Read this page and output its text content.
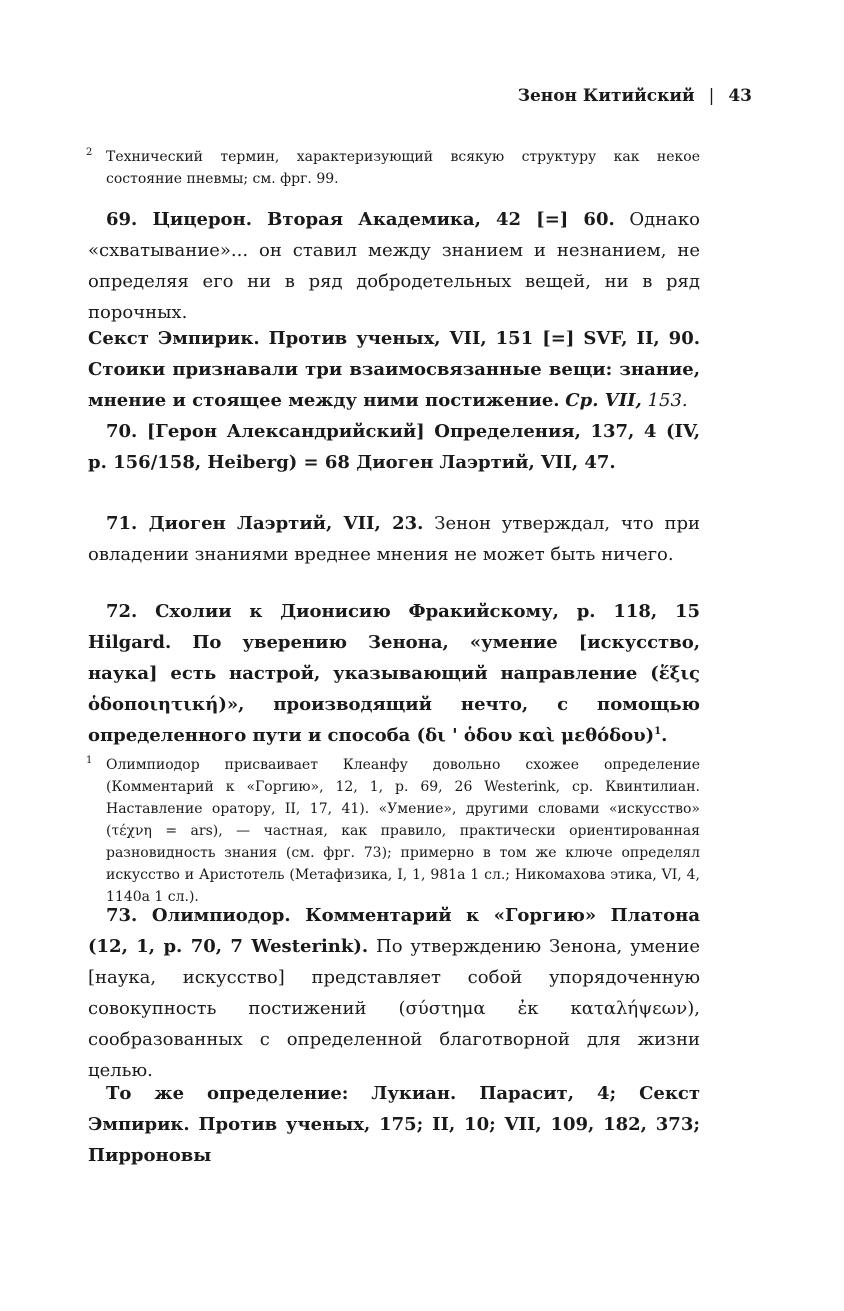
Зенон Китийский | 43
2 Технический термин, характеризующий всякую структуру как некое состояние пневмы; см. фрг. 99.
69. Цицерон. Вторая Академика, 42 [=] 60. Однако «схватывание»... он ставил между знанием и незнанием, не определяя его ни в ряд добродетельных вещей, ни в ряд порочных.
Секст Эмпирик. Против ученых, VII, 151 [=] SVF, II, 90. Стоики признавали три взаимосвязанные вещи: знание, мнение и стоящее между ними постижение. Ср. VII, 153.
70. [Герон Александрийский] Определения, 137, 4 (IV, p. 156/158, Heiberg) = 68 Диоген Лаэртий, VII, 47.
71. Диоген Лаэртий, VII, 23. Зенон утверждал, что при овладении знаниями вреднее мнения не может быть ничего.
72. Схолии к Дионисию Фракийскому, p. 118, 15 Hilgard. По уверению Зенона, «умение [искусство, наука] есть настрой, указывающий направление (ἕξις ὁδοποιητική)», производящий нечто, с помощью определенного пути и способа (δι ' ὁδου καὶ μεθόδου)$^1$.
1 Олимпиодор присваивает Клеанфу довольно схожее определение (Комментарий к «Горгию», 12, 1, p. 69, 26 Westerink, ср. Квинтилиан. Наставление оратору, II, 17, 41). «Умение», другими словами «искусство» (τέχνη = ars), — частная, как правило, практически ориентированная разновидность знания (см. фрг. 73); примерно в том же ключе определял искусство и Аристотель (Метафизика, I, 1, 981a 1 сл.; Никомахова этика, VI, 4, 1140a 1 сл.).
73. Олимпиодор. Комментарий к «Горгию» Платона (12, 1, p. 70, 7 Westerink). По утверждению Зенона, умение [наука, искусство] представляет собой упорядоченную совокупность постижений (σύστημα ἐκ καταλήψεων), сообразованных с определенной благотворной для жизни целью.
То же определение: Лукиан. Парасит, 4; Секст Эмпирик. Против ученых, 175; II, 10; VII, 109, 182, 373; Пирроновы
